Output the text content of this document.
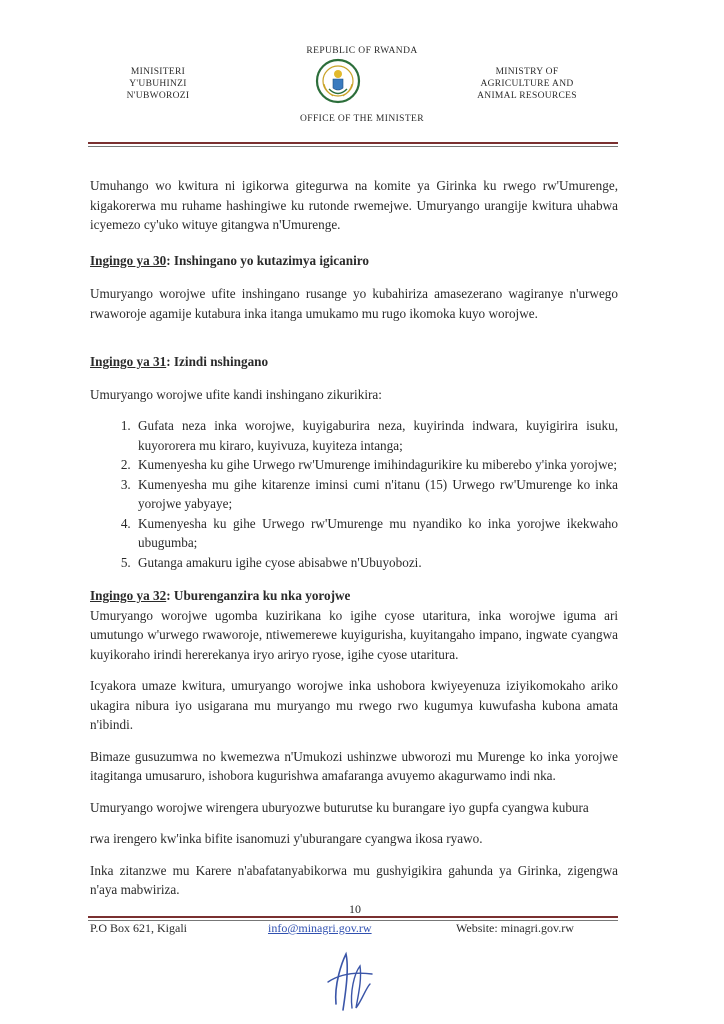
REPUBLIC OF RWANDA
MINISITERI
Y'UBUHINZI
N'UBWOROZI
MINISTRY OF
AGRICULTURE AND
ANIMAL RESOURCES
OFFICE OF THE MINISTER

Umuhango wo kwitura ni igikorwa gitegurwa na komite ya Girinka ku rwego rw'Umurenge, kigakorerwa mu ruhame hashingiwe ku rutonde rwemejwe. Umuryango urangije kwitura uhabwa icyemezo cy'uko wituye gitangwa n'Umurenge.

Ingingo ya 30: Inshingano yo kutazimya igicaniro

Umuryango worojwe ufite inshingano rusange yo kubahiriza amasezerano wagiranye n'urwego rwaworoje agamije kutabura inka itanga umukamo mu rugo ikomoka kuyo worojwe.

Ingingo ya 31: Izindi nshingano

Umuryango worojwe ufite kandi inshingano zikurikira:

1. Gufata neza inka worojwe, kuyigaburira neza, kuyirinda indwara, kuyigirira isuku, kuyororera mu kiraro, kuyivuza, kuyiteza intanga;
2. Kumenyesha ku gihe Urwego rw'Umurenge imihindagurikire ku miberebo y'inka yorojwe;
3. Kumenyesha mu gihe kitarenze iminsi cumi n'itanu (15) Urwego rw'Umurenge ko inka yorojwe yabyaye;
4. Kumenyesha ku gihe Urwego rw'Umurenge mu nyandiko ko inka yorojwe ikekwaho ubugumba;
5. Gutanga amakuru igihe cyose abisabwe n'Ubuyobozi.

Ingingo ya 32: Uburenganzira ku nka yorojwe

Umuryango worojwe ugomba kuzirikana ko igihe cyose utaritura, inka worojwe iguma ari umutungo w'urwego rwaworoje, ntiwemerewe kuyigurisha, kuyitangaho impano, ingwate cyangwa kuyikoraho irindi hererekanya iryo ariryo ryose, igihe cyose utaritura.

Icyakora umaze kwitura, umuryango worojwe inka ushobora kwiyeyenuza iziyikomokaho ariko ukagira nibura iyo usigarana mu muryango mu rwego rwo kugumya kuwufasha kubona amata n'ibindi.

Bimaze gusuzumwa no kwemezwa n'Umukozi ushinzwe ubworozi mu Murenge ko inka yorojwe itagitanga umusaruro, ishobora kugurishwa amafaranga avuyemo akagurwamo indi nka.

Umuryango worojwe wirengera uburyozwe buturutse ku burangare iyo gupfa cyangwa kubura

rwa irengero kw'inka bifite isanomuzi y'uburangare cyangwa ikosa ryawo.

Inka zitanzwe mu Karere n'abafatanyabikorwa mu gushyigikira gahunda ya Girinka, zigengwa n'aya mabwiriza.

10
P.O Box 621, Kigali	info@minagri.gov.rw	Website: minagri.gov.rw
